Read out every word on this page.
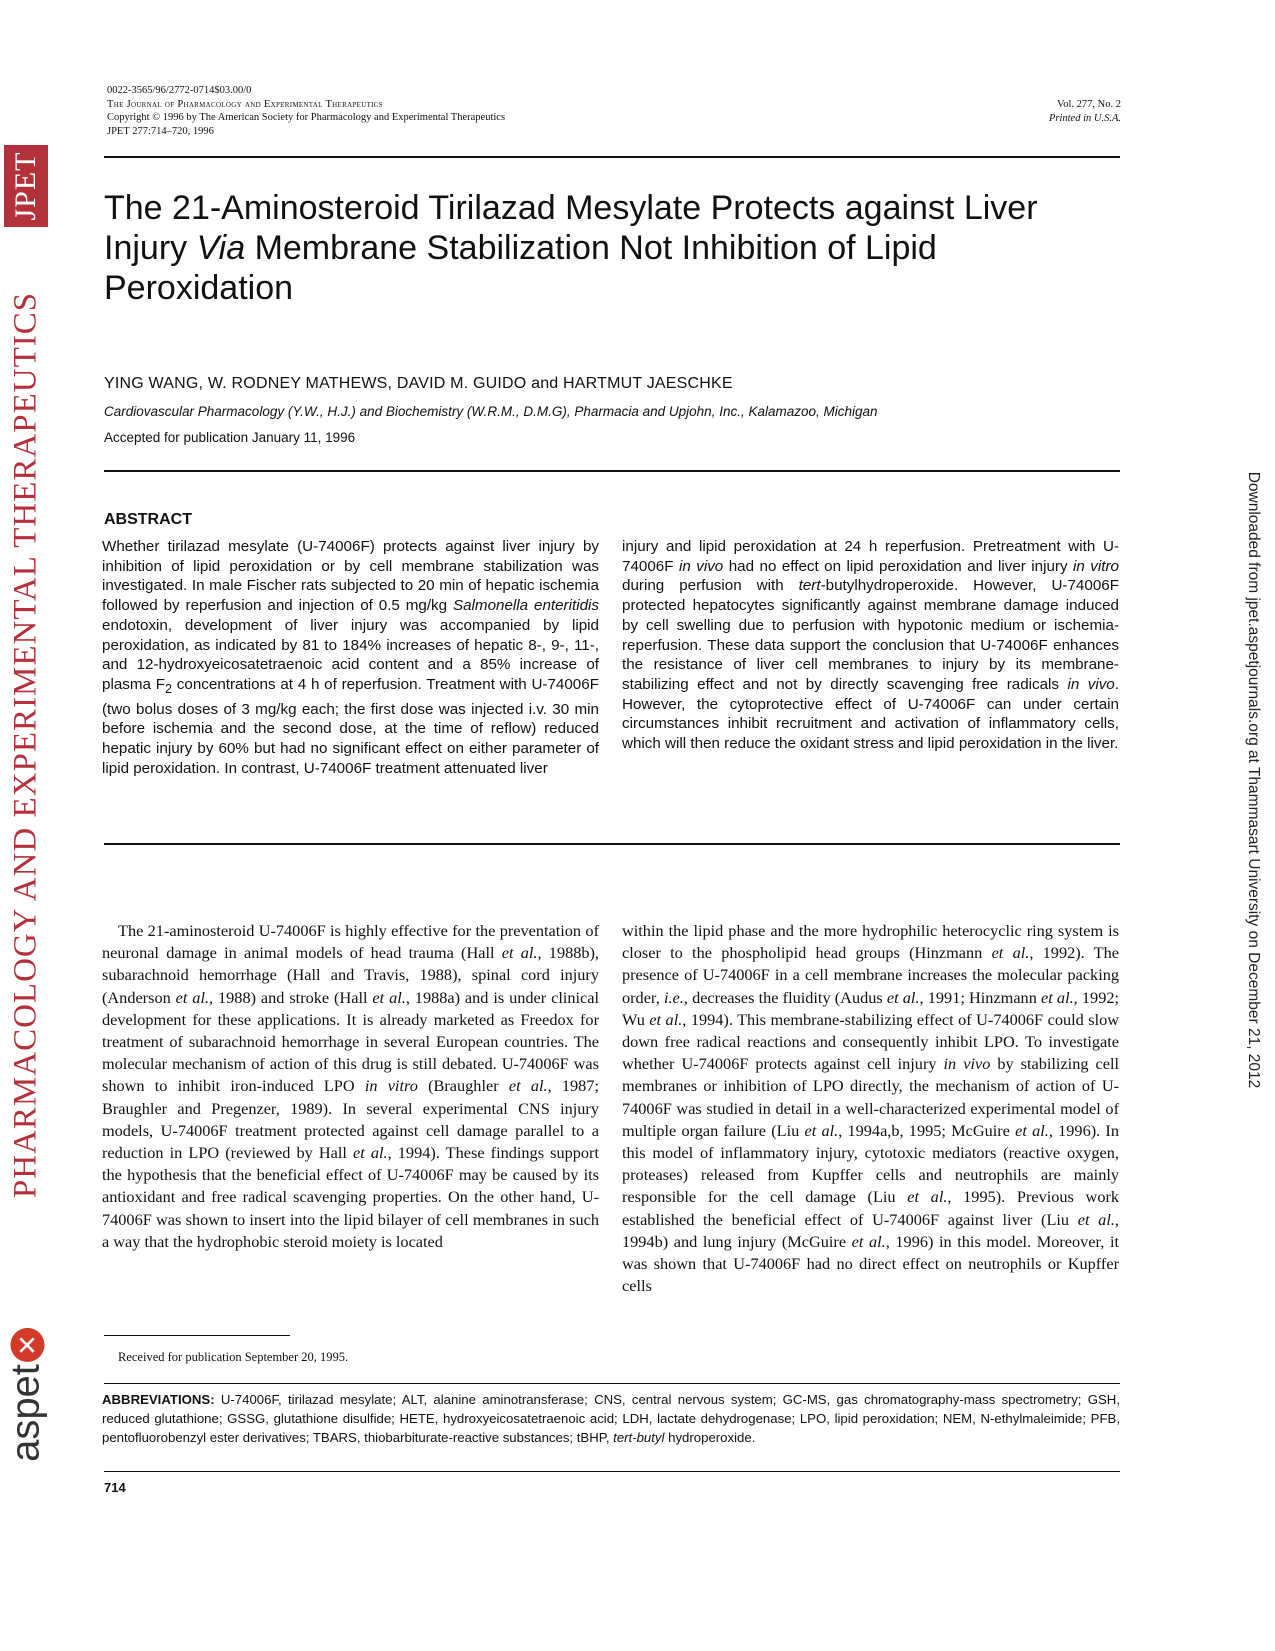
JPET
PHARMACOLOGY AND EXPERIMENTAL THERAPEUTICS
aspet✕
Downloaded from jpet.aspetjournals.org at Thammasart University on December 21, 2012
0022-3565/96/2772-0714$03.00/0
The Journal of Pharmacology and Experimental Therapeutics
Copyright © 1996 by The American Society for Pharmacology and Experimental Therapeutics
JPET 277:714–720, 1996
Vol. 277, No. 2
Printed in U.S.A.
The 21-Aminosteroid Tirilazad Mesylate Protects against Liver Injury Via Membrane Stabilization Not Inhibition of Lipid Peroxidation
YING WANG, W. RODNEY MATHEWS, DAVID M. GUIDO and HARTMUT JAESCHKE
Cardiovascular Pharmacology (Y.W., H.J.) and Biochemistry (W.R.M., D.M.G), Pharmacia and Upjohn, Inc., Kalamazoo, Michigan
Accepted for publication January 11, 1996
ABSTRACT
Whether tirilazad mesylate (U-74006F) protects against liver injury by inhibition of lipid peroxidation or by cell membrane stabilization was investigated. In male Fischer rats subjected to 20 min of hepatic ischemia followed by reperfusion and injection of 0.5 mg/kg Salmonella enteritidis endotoxin, development of liver injury was accompanied by lipid peroxidation, as indicated by 81 to 184% increases of hepatic 8-, 9-, 11-, and 12-hydroxyeicosatetraenoic acid content and a 85% increase of plasma $F_2$ concentrations at 4 h of reperfusion. Treatment with U-74006F (two bolus doses of 3 mg/kg each; the first dose was injected i.v. 30 min before ischemia and the second dose, at the time of reflow) reduced hepatic injury by 60% but had no significant effect on either parameter of lipid peroxidation. In contrast, U-74006F treatment attenuated liver
injury and lipid peroxidation at 24 h reperfusion. Pretreatment with U-74006F in vivo had no effect on lipid peroxidation and liver injury in vitro during perfusion with tert-butylhydroperoxide. However, U-74006F protected hepatocytes significantly against membrane damage induced by cell swelling due to perfusion with hypotonic medium or ischemia-reperfusion. These data support the conclusion that U-74006F enhances the resistance of liver cell membranes to injury by its membrane-stabilizing effect and not by directly scavenging free radicals in vivo. However, the cytoprotective effect of U-74006F can under certain circumstances inhibit recruitment and activation of inflammatory cells, which will then reduce the oxidant stress and lipid peroxidation in the liver.
The 21-aminosteroid U-74006F is highly effective for the preventation of neuronal damage in animal models of head trauma (Hall et al., 1988b), subarachnoid hemorrhage (Hall and Travis, 1988), spinal cord injury (Anderson et al., 1988) and stroke (Hall et al., 1988a) and is under clinical development for these applications. It is already marketed as Freedox for treatment of subarachnoid hemorrhage in several European countries. The molecular mechanism of action of this drug is still debated. U-74006F was shown to inhibit iron-induced LPO in vitro (Braughler et al., 1987; Braughler and Pregenzer, 1989). In several experimental CNS injury models, U-74006F treatment protected against cell damage parallel to a reduction in LPO (reviewed by Hall et al., 1994). These findings support the hypothesis that the beneficial effect of U-74006F may be caused by its antioxidant and free radical scavenging properties. On the other hand, U-74006F was shown to insert into the lipid bilayer of cell membranes in such a way that the hydrophobic steroid moiety is located
within the lipid phase and the more hydrophilic heterocyclic ring system is closer to the phospholipid head groups (Hinzmann et al., 1992). The presence of U-74006F in a cell membrane increases the molecular packing order, i.e., decreases the fluidity (Audus et al., 1991; Hinzmann et al., 1992; Wu et al., 1994). This membrane-stabilizing effect of U-74006F could slow down free radical reactions and consequently inhibit LPO. To investigate whether U-74006F protects against cell injury in vivo by stabilizing cell membranes or inhibition of LPO directly, the mechanism of action of U-74006F was studied in detail in a well-characterized experimental model of multiple organ failure (Liu et al., 1994a,b, 1995; McGuire et al., 1996). In this model of inflammatory injury, cytotoxic mediators (reactive oxygen, proteases) released from Kupffer cells and neutrophils are mainly responsible for the cell damage (Liu et al., 1995). Previous work established the beneficial effect of U-74006F against liver (Liu et al., 1994b) and lung injury (McGuire et al., 1996) in this model. Moreover, it was shown that U-74006F had no direct effect on neutrophils or Kupffer cells
Received for publication September 20, 1995.
ABBREVIATIONS: U-74006F, tirilazad mesylate; ALT, alanine aminotransferase; CNS, central nervous system; GC-MS, gas chromatography-mass spectrometry; GSH, reduced glutathione; GSSG, glutathione disulfide; HETE, hydroxyeicosatetraenoic acid; LDH, lactate dehydrogenase; LPO, lipid peroxidation; NEM, N-ethylmaleimide; PFB, pentofluorobenzyl ester derivatives; TBARS, thiobarbiturate-reactive substances; tBHP, tert-butyl hydroperoxide.
714
